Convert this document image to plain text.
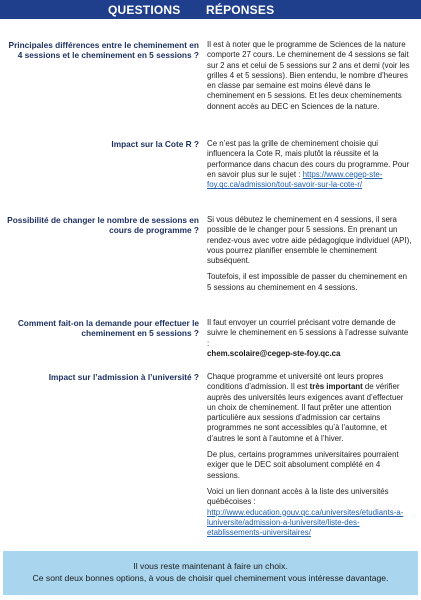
QUESTIONS RÉPONSES
Principales différences entre le cheminement en 4 sessions et le cheminement en 5 sessions ?
Il est à noter que le programme de Sciences de la nature comporte 27 cours. Le cheminement de 4 sessions se fait sur 2 ans et celui de 5 sessions sur 2 ans et demi (voir les grilles 4 et 5 sessions). Bien entendu, le nombre d’heures en classe par semaine est moins élevé dans le cheminement en 5 sessions. Et les deux cheminements donnent accès au DEC en Sciences de la nature.
Impact sur la Cote R ? Ce n’est pas la grille de cheminement choisie qui influencera la Cote R, mais plutôt la réussite et la performance dans chacun des cours du programme. Pour en savoir plus sur le sujet : https://www.cegep-ste-foy.qc.ca/admission/tout-savoir-sur-la-cote-r/
Possibilité de changer le nombre de sessions en cours de programme ?

Si vous débutez le cheminement en 4 sessions, il sera possible de le changer pour 5 sessions. En prenant un rendez-vous avec votre aide pédagogique individuel (API), vous pourrez planifier ensemble le cheminement subséquent.

Toutefois, il est impossible de passer du cheminement en 5 sessions au cheminement en 4 sessions.

Comment fait-on la demande pour effectuer le cheminement en 5 sessions ?
Il faut envoyer un courriel précisant votre demande de suivre le cheminement en 5 sessions à l’adresse suivante :
chem.scolaire@cegep-ste-foy.qc.ca
Impact sur l’admission à l’université ? Chaque programme et université ont leurs propres conditions d’admission. Il est très important de vérifier auprès des universités leurs exigences avant d’effectuer un choix de cheminement. Il faut prêter une attention particulière aux sessions d’admission car certains programmes ne sont accessibles qu’à l’automne, et d’autres le sont à l’automne et à l’hiver.

De plus, certains programmes universitaires pourraient exiger que le DEC soit absolument complété en 4 sessions.

Voici un lien donnant accès à la liste des universités québécoises : http://www.education.gouv.qc.ca/universites/etudiants-a-luniversite/admission-a-luniversite/liste-des-etablissements-universitaires/

Il vous reste maintenant à faire un choix.
Ce sont deux bonnes options, à vous de choisir quel cheminement vous intéresse davantage.
